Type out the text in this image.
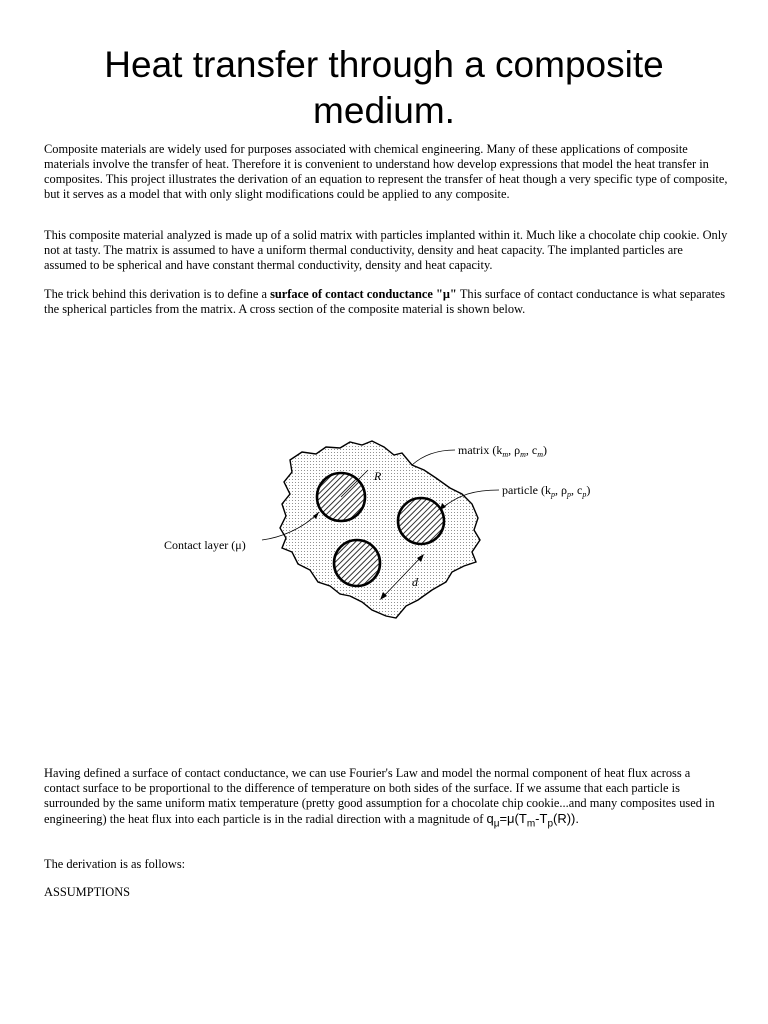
Heat transfer through a composite medium.

Composite materials are widely used for purposes associated with chemical engineering. Many of these applications of composite materials involve the transfer of heat. Therefore it is convenient to understand how develop expressions that model the heat transfer in composites. This project illustrates the derivation of an equation to represent the transfer of heat though a very specific type of composite, but it serves as a model that with only slight modifications could be applied to any composite.

This composite material analyzed is made up of a solid matrix with particles implanted within it. Much like a chocolate chip cookie. Only not at tasty. The matrix is assumed to have a uniform thermal conductivity, density and heat capacity. The implanted particles are assumed to be spherical and have constant thermal conductivity, density and heat capacity.

The trick behind this derivation is to define a surface of contact conductance "μ" This surface of contact conductance is what separates the spherical particles from the matrix. A cross section of the composite material is shown below.

R
matrix ($k_m$, $\rho_m$, $c_m$)
particle ($k_p$, $\rho_p$, $c_p$)
Contact layer (μ)
d

Having defined a surface of contact conductance, we can use Fourier's Law and model the normal component of heat flux across a contact surface to be proportional to the difference of temperature on both sides of the surface. If we assume that each particle is surrounded by the same uniform matix temperature (pretty good assumption for a chocolate chip cookie...and many composites used in engineering) the heat flux into each particle is in the radial direction with a magnitude of $q_\mu=\mu(T_m-T_p(R))$.

The derivation is as follows:

ASSUMPTIONS
